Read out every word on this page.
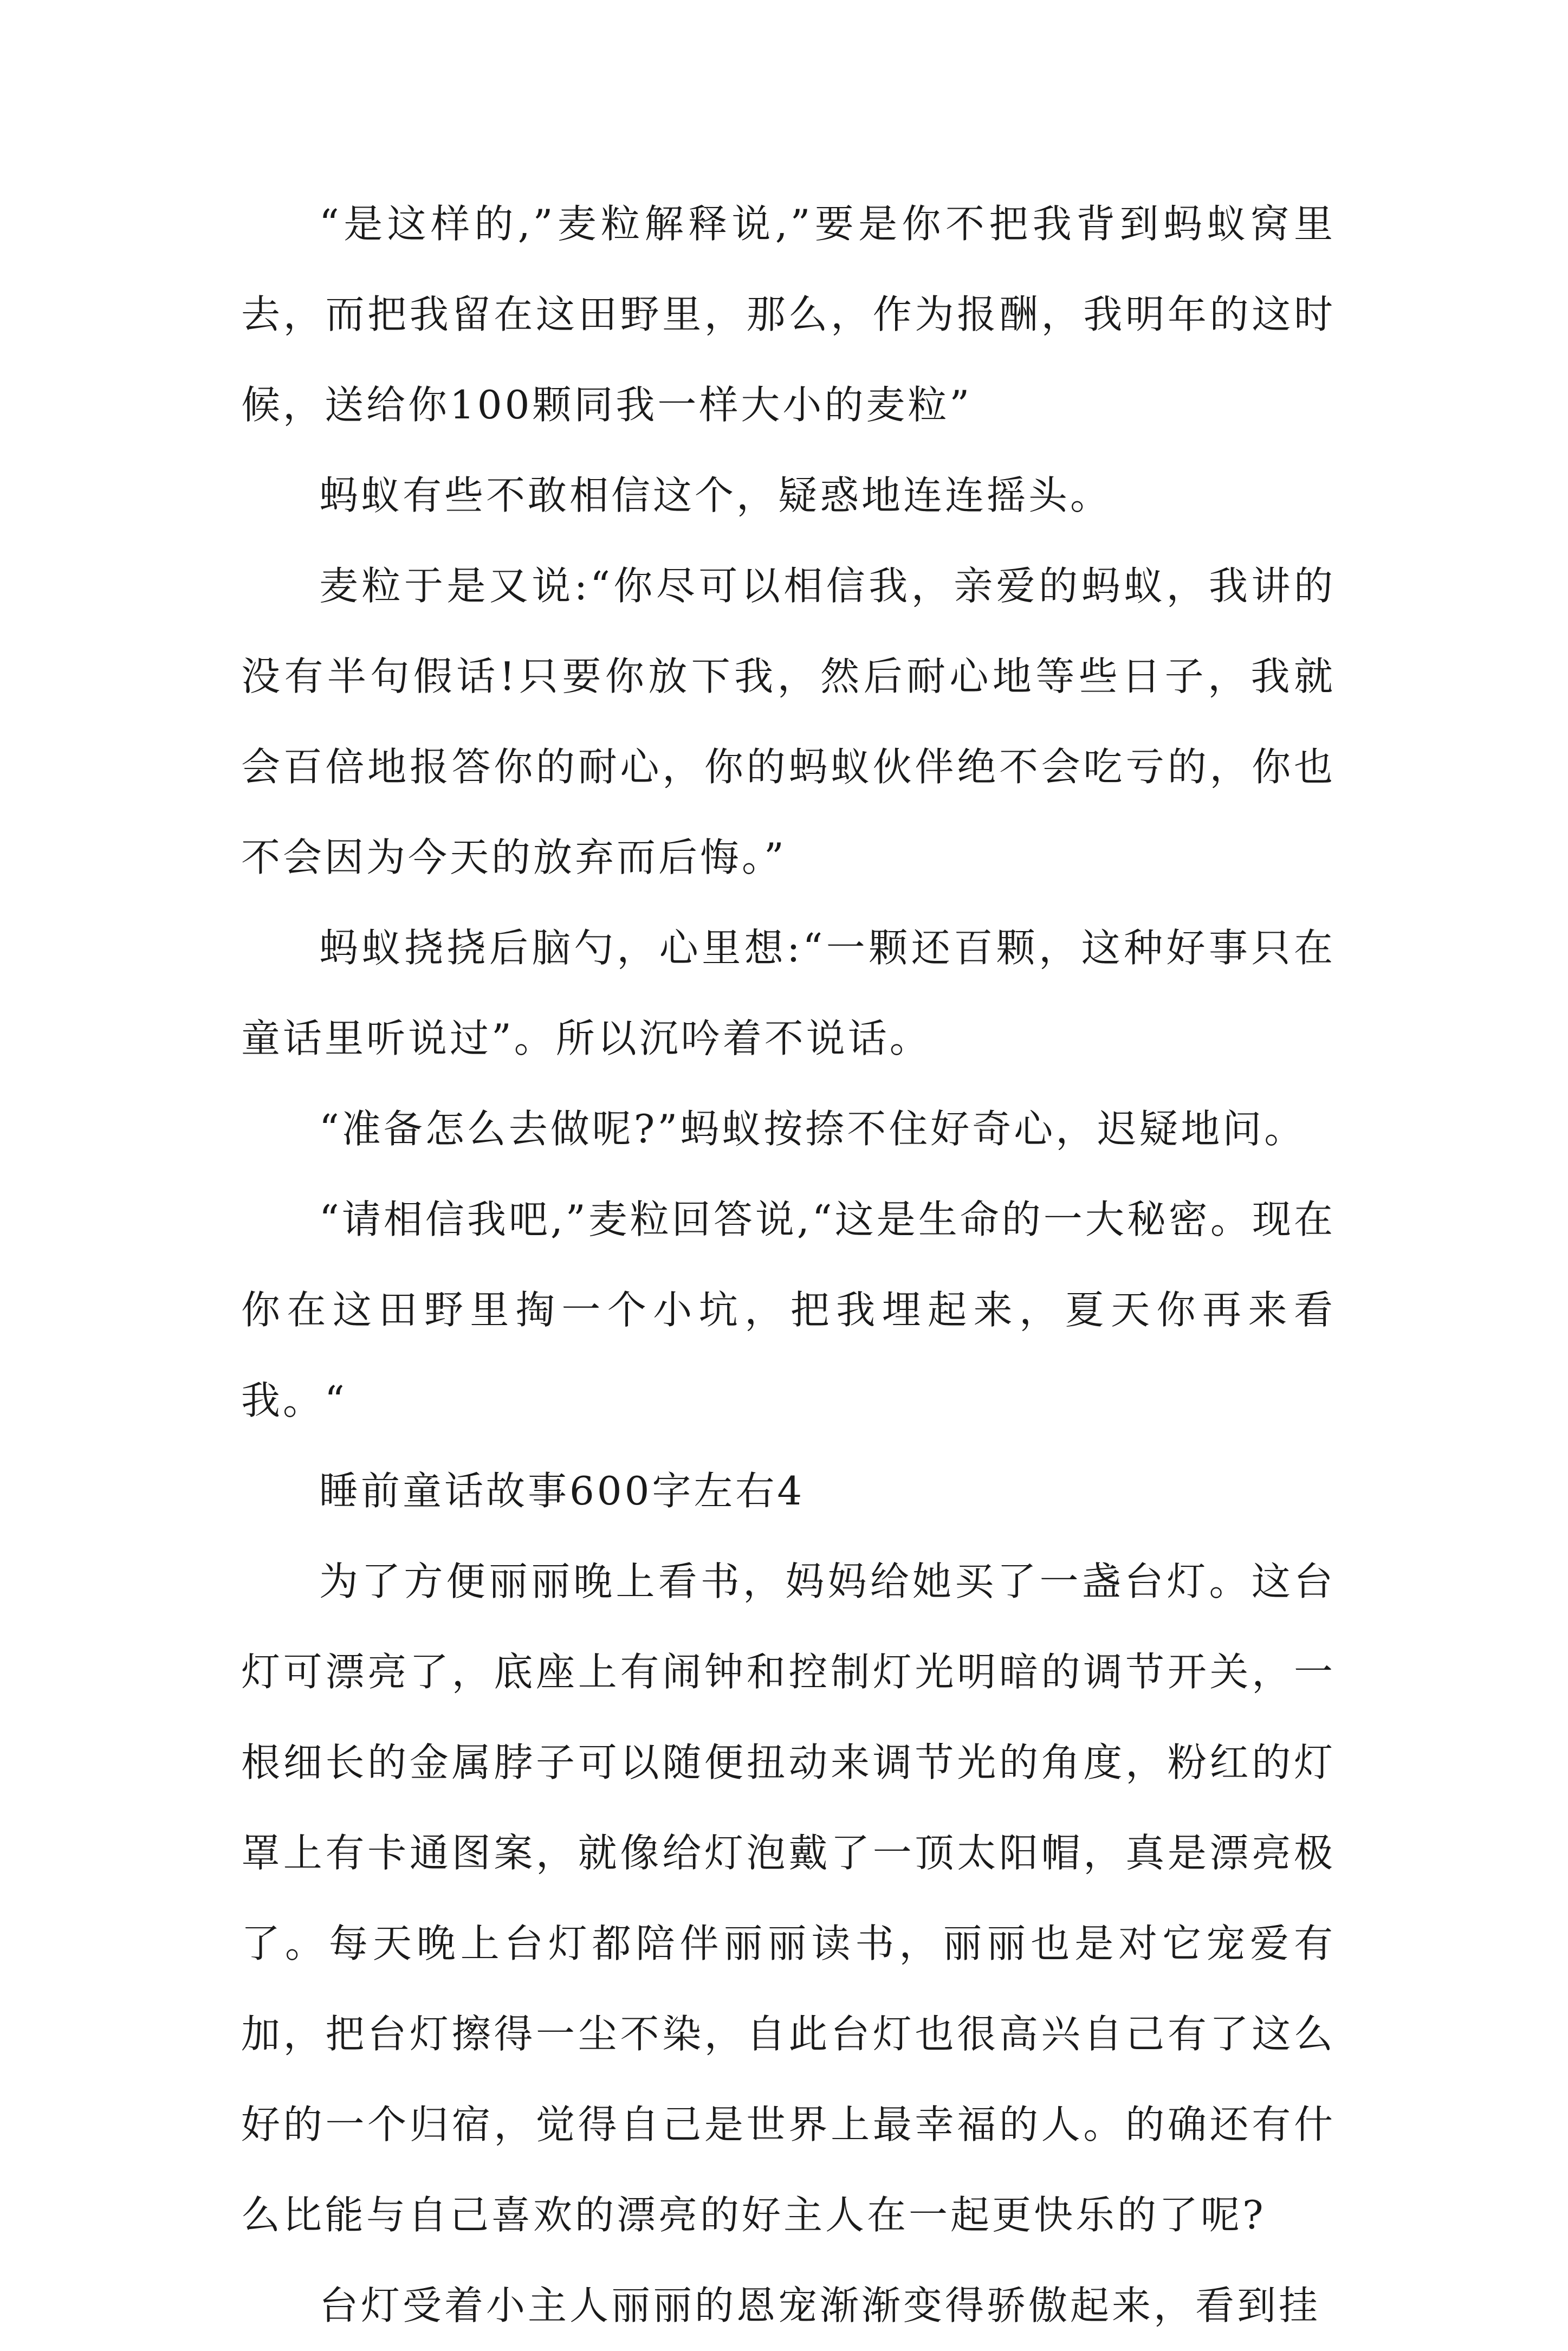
“是这样的,”麦粒解释说,”要是你不把我背到蚂蚁窝里去，而把我留在这田野里，那么，作为报酬，我明年的这时候，送给你100颗同我一样大小的麦粒”

蚂蚁有些不敢相信这个，疑惑地连连摇头。

麦粒于是又说:“你尽可以相信我，亲爱的蚂蚁，我讲的没有半句假话!只要你放下我，然后耐心地等些日子，我就会百倍地报答你的耐心，你的蚂蚁伙伴绝不会吃亏的，你也不会因为今天的放弃而后悔。”

蚂蚁挠挠后脑勺，心里想:“一颗还百颗，这种好事只在童话里听说过”。所以沉吟着不说话。

“准备怎么去做呢?”蚂蚁按捺不住好奇心，迟疑地问。

“请相信我吧,”麦粒回答说,“这是生命的一大秘密。现在你在这田野里掏一个小坑，把我埋起来，夏天你再来看我。“

睡前童话故事600字左右4

为了方便丽丽晚上看书，妈妈给她买了一盏台灯。这台灯可漂亮了，底座上有闹钟和控制灯光明暗的调节开关，一根细长的金属脖子可以随便扭动来调节光的角度，粉红的灯罩上有卡通图案，就像给灯泡戴了一顶太阳帽，真是漂亮极了。每天晚上台灯都陪伴丽丽读书，丽丽也是对它宠爱有加，把台灯擦得一尘不染，自此台灯也很高兴自己有了这么好的一个归宿，觉得自己是世界上最幸福的人。的确还有什么比能与自己喜欢的漂亮的好主人在一起更快乐的了呢?

台灯受着小主人丽丽的恩宠渐渐变得骄傲起来，看到挂
